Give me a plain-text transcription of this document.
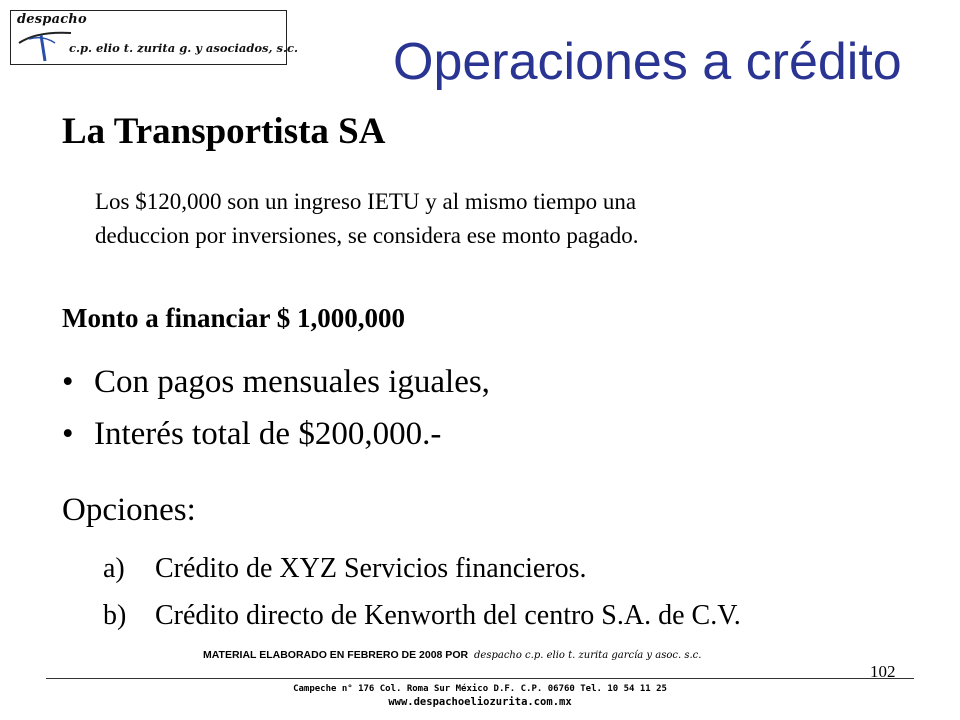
despacho
c.p. elio t. zurita g. y asociados, s.c. Operaciones a crédito
La Transportista SA
Los $120,000 son un ingreso IETU y al mismo tiempo una
deduccion por inversiones, se considera ese monto pagado.
Monto a financiar $ 1,000,000
• Con pagos mensuales iguales,
• Interés total de $200,000.-
Opciones:
a)	Crédito de XYZ Servicios financieros.
b)	Crédito directo de Kenworth del centro S.A. de C.V.
MATERIAL ELABORADO EN FEBRERO DE 2008 POR despacho c.p. elio t. zurita garcía y asoc. s.c.
102
Campeche n° 176 Col. Roma Sur México D.F. C.P. 06760 Tel. 10 54 11 25
www.despachoeliozurita.com.mx
